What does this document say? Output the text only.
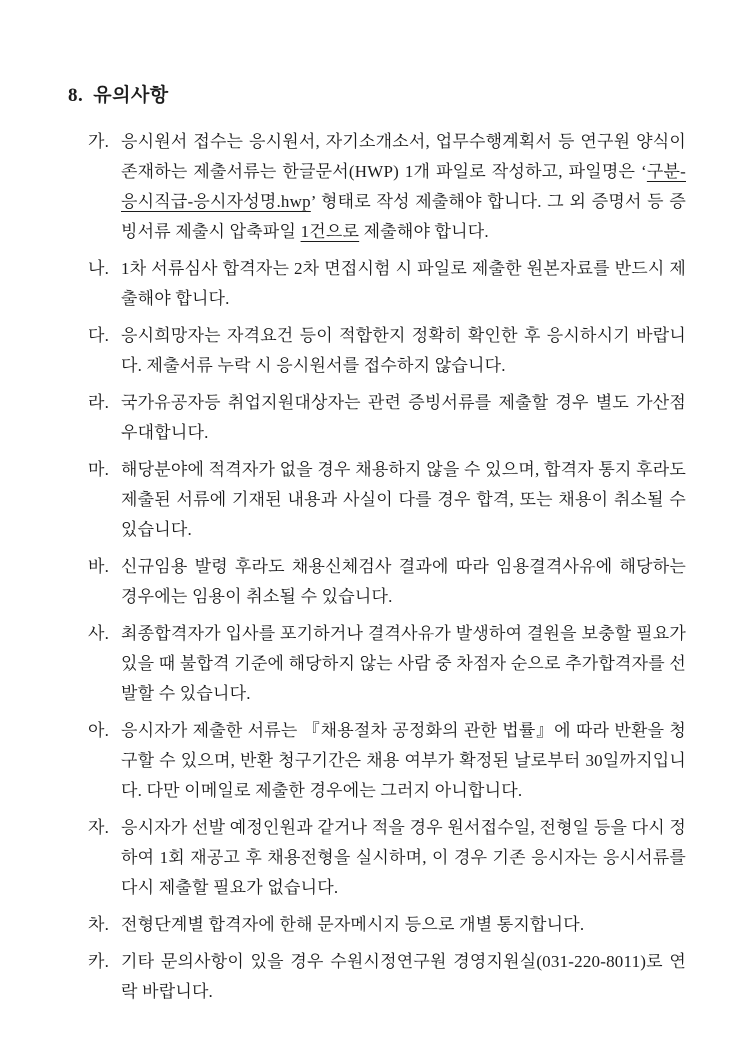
8. 유의사항
가. 응시원서 접수는 응시원서, 자기소개소서, 업무수행계획서 등 연구원 양식이 존재하는 제출서류는 한글문서(HWP) 1개 파일로 작성하고, 파일명은 ‘구분-응시직급-응시자성명.hwp’ 형태로 작성 제출해야 합니다. 그 외 증명서 등 증빙서류 제출시 압축파일 1건으로 제출해야 합니다.
나. 1차 서류심사 합격자는 2차 면접시험 시 파일로 제출한 원본자료를 반드시 제출해야 합니다.
다. 응시희망자는 자격요건 등이 적합한지 정확히 확인한 후 응시하시기 바랍니다. 제출서류 누락 시 응시원서를 접수하지 않습니다.
라. 국가유공자등 취업지원대상자는 관련 증빙서류를 제출할 경우 별도 가산점 우대합니다.
마. 해당분야에 적격자가 없을 경우 채용하지 않을 수 있으며, 합격자 통지 후라도 제출된 서류에 기재된 내용과 사실이 다를 경우 합격, 또는 채용이 취소될 수 있습니다.
바. 신규임용 발령 후라도 채용신체검사 결과에 따라 임용결격사유에 해당하는 경우에는 임용이 취소될 수 있습니다.
사. 최종합격자가 입사를 포기하거나 결격사유가 발생하여 결원을 보충할 필요가 있을 때 불합격 기준에 해당하지 않는 사람 중 차점자 순으로 추가합격자를 선발할 수 있습니다.
아. 응시자가 제출한 서류는 『채용절차 공정화의 관한 법률』에 따라 반환을 청구할 수 있으며, 반환 청구기간은 채용 여부가 확정된 날로부터 30일까지입니다. 다만 이메일로 제출한 경우에는 그러지 아니합니다.
자. 응시자가 선발 예정인원과 같거나 적을 경우 원서접수일, 전형일 등을 다시 정하여 1회 재공고 후 채용전형을 실시하며, 이 경우 기존 응시자는 응시서류를 다시 제출할 필요가 없습니다.
차. 전형단계별 합격자에 한해 문자메시지 등으로 개별 통지합니다.
카. 기타 문의사항이 있을 경우 수원시정연구원 경영지원실(031-220-8011)로 연락 바랍니다.
